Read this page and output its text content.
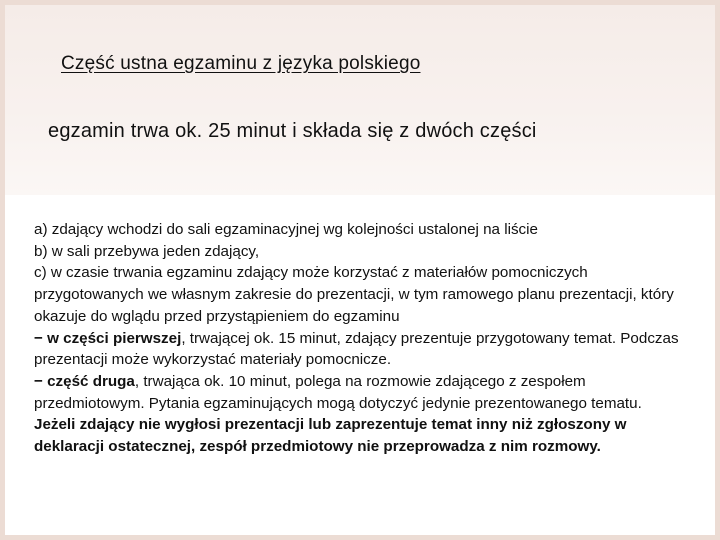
Część ustna egzaminu z języka polskiego
egzamin trwa ok. 25 minut i składa się z dwóch części

a) zdający wchodzi do sali egzaminacyjnej wg kolejności ustalonej na liście

b) w sali przebywa jeden zdający,

c) w czasie trwania egzaminu zdający może korzystać z materiałów pomocniczych przygotowanych we własnym zakresie do prezentacji, w tym ramowego planu prezentacji, który okazuje do wglądu przed przystąpieniem do egzaminu

− w części pierwszej, trwającej ok. 15 minut, zdający prezentuje przygotowany temat. Podczas prezentacji może wykorzystać materiały pomocnicze.

− część druga, trwająca ok. 10 minut, polega na rozmowie zdającego z zespołem przedmiotowym. Pytania egzaminujących mogą dotyczyć jedynie prezentowanego tematu. Jeżeli zdający nie wygłosi prezentacji lub zaprezentuje temat inny niż zgłoszony w deklaracji ostatecznej, zespół przedmiotowy nie przeprowadza z nim rozmowy.
